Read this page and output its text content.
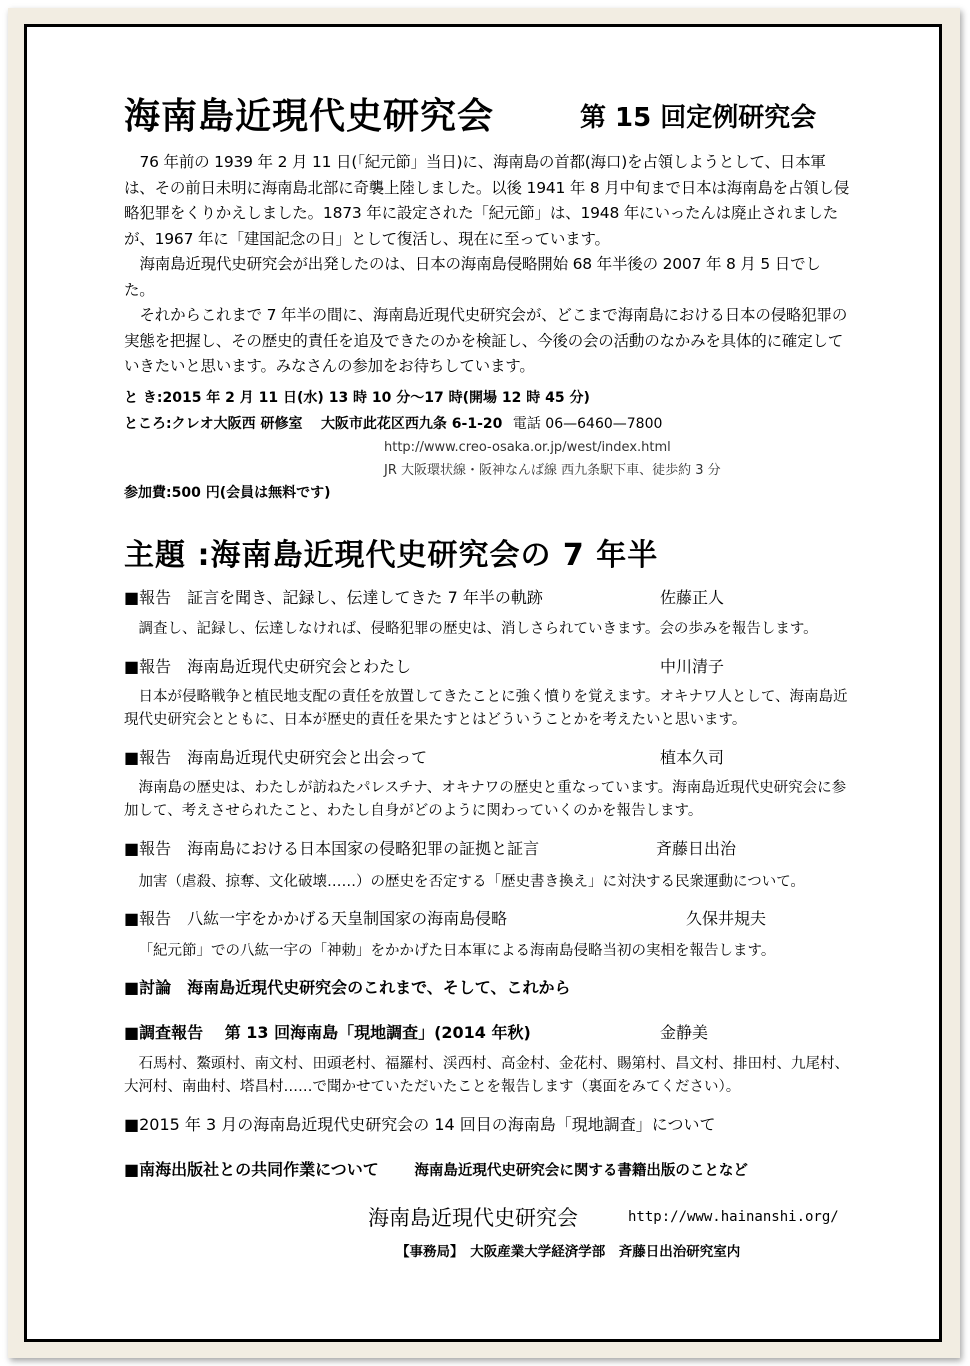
海南島近現代史研究会	第 15 回定例研究会

76 年前の 1939 年 2 月 11 日(「紀元節」当日)に、海南島の首都(海口)を占領しようとして、日本軍は、その前日未明に海南島北部に奇襲上陸しました。以後 1941 年 8 月中旬まで日本は海南島を占領し侵略犯罪をくりかえしました。1873 年に設定された「紀元節」は、1948 年にいったんは廃止されましたが、1967 年に「建国記念の日」として復活し、現在に至っています。

海南島近現代史研究会が出発したのは、日本の海南島侵略開始 68 年半後の 2007 年 8 月 5 日でした。

それからこれまで 7 年半の間に、海南島近現代史研究会が、どこまで海南島における日本の侵略犯罪の実態を把握し、その歴史的責任を追及できたのかを検証し、今後の会の活動のなかみを具体的に確定していきたいと思います。みなさんの参加をお待ちしています。

と き:2015 年 2 月 11 日(水) 13 時 10 分〜17 時(開場 12 時 45 分)
ところ:クレオ大阪西 研修室 大阪市此花区西九条 6-1-20 電話 06—6460—7800
http://www.creo-osaka.or.jp/west/index.html
JR 大阪環状線・阪神なんば線 西九条駅下車、徒歩約 3 分
参加費:500 円(会員は無料です)
主題 :海南島近現代史研究会の 7 年半
■報告　証言を聞き、記録し、伝達してきた 7 年半の軌跡	佐藤正人
調査し、記録し、伝達しなければ、侵略犯罪の歴史は、消しさられていきます。会の歩みを報告します。
■報告　海南島近現代史研究会とわたし	中川清子
日本が侵略戦争と植民地支配の責任を放置してきたことに強く憤りを覚えます。オキナワ人として、海南島近現代史研究会とともに、日本が歴史的責任を果たすとはどういうことかを考えたいと思います。
■報告　海南島近現代史研究会と出会って	植本久司
海南島の歴史は、わたしが訪ねたパレスチナ、オキナワの歴史と重なっています。海南島近現代史研究会に参加して、考えさせられたこと、わたし自身がどのように関わっていくのかを報告します。
■報告　海南島における日本国家の侵略犯罪の証拠と証言	斉藤日出治
加害（虐殺、掠奪、文化破壊……）の歴史を否定する「歴史書き換え」に対決する民衆運動について。
■報告　八紘一宇をかかげる天皇制国家の海南島侵略	久保井規夫
「紀元節」での八紘一宇の「神勅」をかかげた日本軍による海南島侵略当初の実相を報告します。
■討論　海南島近現代史研究会のこれまで、そして、これから
■調査報告　 第 13 回海南島「現地調査」(2014 年秋)	金静美
石馬村、鰲頭村、南文村、田頭老村、福羅村、渓西村、高金村、金花村、賜第村、昌文村、排田村、九尾村、大河村、南曲村、塔昌村……で聞かせていただいたことを報告します（裏面をみてください）。
■2015 年 3 月の海南島近現代史研究会の 14 回目の海南島「現地調査」について
■南海出版社との共同作業について 海南島近現代史研究会に関する書籍出版のことなど
海南島近現代史研究会	http://www.hainanshi.org/
【事務局】　大阪産業大学経済学部　斉藤日出治研究室内
